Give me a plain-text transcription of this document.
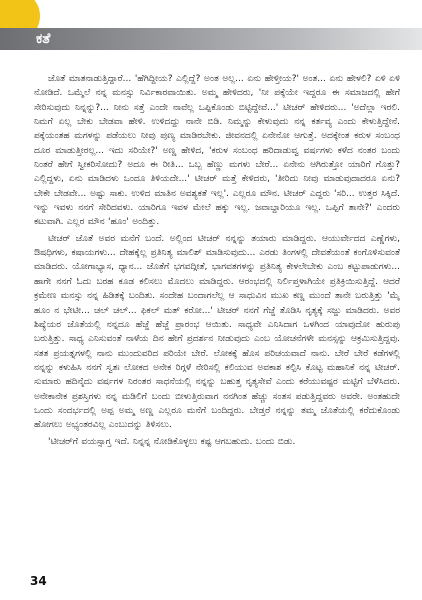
ಕತೆ

ಜೊತೆ ಮಾತನಾಡುತ್ತಿದ್ದಾರೆ... 'ಹೆಗಿದ್ದೀಯ? ಎಲ್ಲಿದ್ದೆ? ಅಂತ ಅಲ್ಲ... ಏನು ಹೇಳ್ತೀಯ?' ಅಂತ... ಏನು ಹೇಳಲಿ? ಏಳಿ ಏಳಿ ನೋಡಿದೆ. ಒಮ್ಮೆಲೆ ನನ್ನ ಮನಸ್ಸು ನಿರ್ವಿಕಾರವಾಯಿತು. ಅಮ್ಮ ಹೇಳಿದರು, 'ನೀ ಪಕ್ಕೆಯೇ ಇದ್ದರೂ ಈ ಸಮಾಜದಲ್ಲಿ ಹೇಗೆ ಸೇರಿಸುವುದು ನಿನ್ನನ್ನು?... ನೀನು ಸತ್ತೆ ಎಂದೇ ನಾವೆಲ್ಲ ಒಪ್ಪಿಕೊಂಡು ಬಿಟ್ಟಿದ್ದೇವೆ...' ಟೀಚರ್ ಹೇಳಿದರು... 'ಅದೆಲ್ಲಾ ಇರಲಿ. ನಿಮಗೆ ಏಲ್ಲ ಬೇಕು ಬೇಡವಾ ಹೇಳಿ. ಉಳಿದದ್ದು ನಾನೇ ಬಿಡಿ. ನಿಮ್ಮನ್ನು ಕೇಳುವುದು ನನ್ನ ಕರ್ತವ್ಯ ಎಂದು ಕೇಳುತ್ತಿದ್ದೇನೆ. ಪಕ್ಕೆಯಂತಹ ಮಗಳನ್ನು ಪಡೆಯಲು ನೀವು ಪುಣ್ಯ ಮಾಡಿರಬೇಕು. ಜೀವನದಲ್ಲಿ ಏನೇನೋ ಆಗುತ್ತೆ. ಅದಕ್ಕೇಂತ ಕರುಳ ಸಂಬಂಧ ದೂರ ಮಾಡುತ್ತೀರಲ್ಲ... ಇದು ಸರಿಯೇ?' ಅಣ್ಣ ಹೇಳಿದ, 'ಕರುಳ ಸಂಬಂಧ ಹರಿದಾಡುವ್ವ ವರ್ಷಗಳು ಕಳೆದ ನಂತರ ಬಂದು ನಿಂತರೆ ಹೇಗೆ ಸ್ವೀಕರಿಸೋದು? ಅದೂ ಈ ರೀತಿ... ಒಬ್ಬ ಹೆಣ್ಣು ಮಗಳು ಬೇರೆ... ಏನೇನು ಆಗಿರುತ್ತೋ ಯಾರಿಗೆ ಗೊತ್ತು? ಎಲ್ಲಿದ್ದಳು, ಏನು ಮಾಡಿದಳು ಒಂದೂ ತಿಳಿಯದೇ...' ಟೀಚರ್ ಮತ್ತೆ ಕೇಳಿದರು, 'ತೀರಿದು ನೀವು ಮಾಡುವುದಾದರೂ ಏನು? ಬೇಕೇ ಬೇಡವೇ... ಅಷ್ಟು ಸಾಕು. ಉಳಿದ ಮಾತಿನ ಅವಶ್ಯಕತೆ ಇಲ್ಲ'. ಎಲ್ಲರೂ ಮೌನ. ಟೀಚರ್ ಎದ್ದರು 'ಸರಿ... ಉತ್ತರ ಸಿಕ್ಕಿದೆ. ಇನ್ನು ಇವಳು ನನಗೆ ಸೇರಿದವಳು. ಯಾರಿಗೂ ಇವಳ ಮೇಲೆ ಹಕ್ಕು ಇಲ್ಲ. ಜವಾಬ್ದಾರಿಯೂ ಇಲ್ಲ. ಒಪ್ಪಿಗೆ ತಾನೇ?' ಎಂದರು ಕಟುವಾಗಿ. ಎಲ್ಲರ ಮೌನ 'ಹೂಂ' ಅಂದಿತ್ತು.

ಟೀಚರ್ ಜೊತೆ ಅವರ ಮನೆಗೆ ಬಂದೆ. ಅಲ್ಲಿಂದ ಟೀಚರ್ ನನ್ನನ್ನು ತಯಾರು ಮಾಡಿದ್ದರು. ಆಯುರ್ವೇದದ ಎಣ್ಣೆಗಳು, ಔಷಧಿಗಳು, ಕಷಾಯಗಳು... ದೇಹಕ್ಕೆಲ್ಲ ಪ್ರತಿನಿತ್ಯ ಮಾಲಿಶ್ ಮಾಡಿಸುವುದು... ಎರಡು ತಿಂಗಳಲ್ಲಿ ದೇವತೆಯಂತೆ ಕಂಗೊಳಿಸುವಂತೆ ಮಾಡಿದರು. ಯೋಗಾಭ್ಯಾಸ, ಧ್ಯಾನ... ಜೊತೆಗೆ ಭಗವದ್ಗೀತೆ, ಭಾಗವತಗಳನ್ನು ಪ್ರತಿನಿತ್ಯ ಕೇಳಲೇಬೇಕು ಎಂಬ ಕಟ್ಟುಪಾಡುಗಳು... ಹಾಗೇ ನನಗೆ ಓದು ಬರಹ ಕೂಡ ಕಲಿಸಲು ಮೊದಲು ಮಾಡಿದ್ದರು. ಆರಂಭದಲ್ಲಿ ನಿರ್ಲಿಪ್ತಳಾಗಿಯೇ ಪ್ರತಿಕ್ರಿಯಿಸುತ್ತಿದ್ದೆ. ಆದರೆ ಕ್ರಮೇಣ ಮನಸ್ಸು ನನ್ನ ಹಿಡಿತಕ್ಕೆ ಬಂದಿತು. ಸಂದೇಹ ಬಂದಾಗಲೆಲ್ಲ ಆ ಸಾಧುವಿನ ಮುಖ ಕಣ್ಣ ಮುಂದೆ ತಾನೇ ಬರುತ್ತಿತ್ತು 'ಮೈ ಹೂಂ ನ ಭೇಟೀ... ಚಲ್ ಚಲ್... ಫಿಕಲ್ ಮತ್ ಕರೋ...' ಟೀಚರ್ ನನಗೆ ಗೆಜ್ಜೆ ತೊಡಿಸಿ ನೃತ್ಯಕ್ಕೆ ಸಜ್ಜು ಮಾಡಿದರು. ಅವರ ಶಿಷ್ಯೆಯರ ಜೊತೆಯಲ್ಲಿ ನನ್ನದೂ ಹೆಜ್ಜೆ ಹೆಜ್ಜೆ ಪ್ರಾರಂಭ ಆಯಿತು. ಸಾಧ್ಯವೇ ಎನಿಸಿದಾಗ ಒಳಗಿಂದ ಯಾವುದೋ ಹುರುಪು ಬರುತ್ತಿತ್ತು. ಸಾಧ್ಯ ಎನಿಸುವಂತೆ ನಾಳೆಯ ದಿನ ಹೇಗೆ ಪ್ರದರ್ಶನ ನೀಡುವುದು ಎಂಬ ಯೋಚನೆಗಳೇ ಮನಸ್ಸನ್ನು ಆಕ್ರಮಿಸುತ್ತಿದ್ದವು. ಸತತ ಪ್ರಯತ್ನಗಳಲ್ಲಿ ನಾನು ಮುಂದುವರಿದ ಪರಿಯೇ ಬೇರೆ. ಲೋಕಕ್ಕೆ ಹೊಸ ಪರಿಚಯವಾದೆ ನಾನು. ಬೇರೆ ಬೇರೆ ಕಡೆಗಳಲ್ಲಿ ನನ್ನನ್ನು ಕಳುಹಿಸಿ ನನಗೆ ಸ್ವತಃ ಲೋಕದ ಅನೇಕ ರಿಗ್ಗಳೆ ನೇರಿಸಲ್ಲಿ ಕಲಿಯುವ ಅವಕಾಶ ಕಲ್ಪಿಸಿ ಕೊಟ್ಟ ಮಹಾನಿಕೆ ನನ್ನ ಟೀಚರ್. ಸುಮಾರು ಹದಿನೈದು ವರ್ಷಗಳ ನಿರಂತರ ಸಾಧನೆಯಲ್ಲಿ ನನ್ನನ್ನು ಬಹುತ್ತ ನೃತ್ಯಸೇವೆ ಎಂದು ಕರೆಯುವಷ್ಟರ ಮಟ್ಟಿಗೆ ಬೆಳೆಸಿದರು. ಅನೇಕಾನೇಕ ಪ್ರಶಸ್ತಿಗಳು ನನ್ನ ಮಡಿಲಿಗೆ ಬಂದು ಬೀಳುತ್ತಿರುವಾಗ ನನಗಿಂತ ಹೆಚ್ಚು ಸಂತಸ ಪಡುತ್ತಿದ್ದವರು ಅವರೇ. ಅಂತಹುದೇ ಒಂದು ಸಂದರ್ಭದಲ್ಲಿ ಅಪ್ಪ ಅಮ್ಮ ಅಣ್ಣ ಎಲ್ಲರೂ ಮನೆಗೆ ಬಂದಿದ್ದರು. ಬೇಡ್ತರೆ ನನ್ನನ್ನು ತಮ್ಮ ಜೊತೆಯಲ್ಲಿ ಕರೆದುಕೊಂಡು ಹೋಗಲು ಅಭ್ಯಂತರವಿಲ್ಲ ಎಂಬುದನ್ನು ತಿಳಿಸಲು.

'ಟೀಚರ್‌ಗೆ ವಯಸ್ಸಾಗ್ತ ಇದೆ. ನಿನ್ನನ್ನ ನೋಡಿಕೊಳ್ಳಲು ಕಷ್ಟ ಆಗಬಹುದು. ಬಂದು ಬಿಡು.

34
